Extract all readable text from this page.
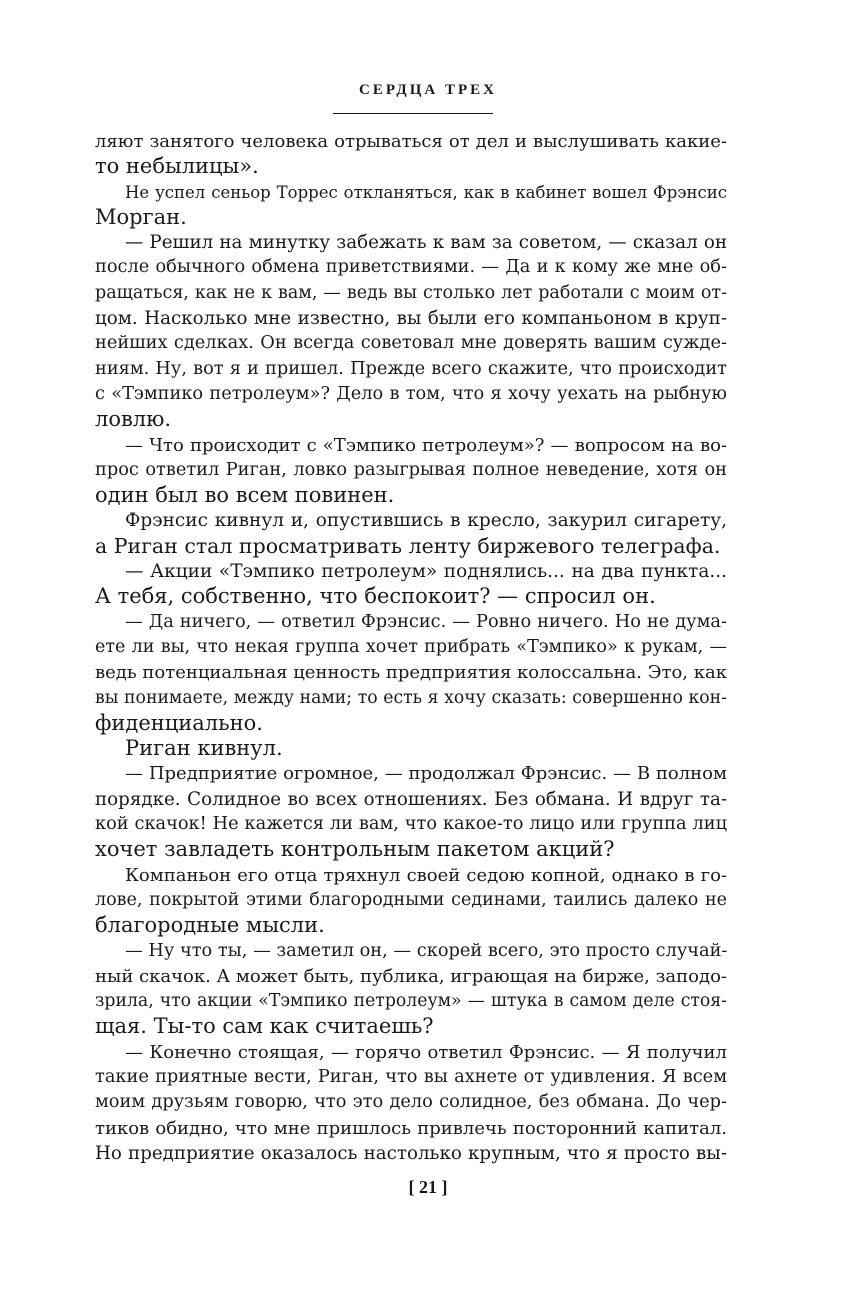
СЕРДЦА ТРЕХ
ляют занятого человека отрываться от дел и выслушивать какие-
то небылицы».
Не успел сеньор Торрес откланяться, как в кабинет вошел Фрэнсис
Морган.
— Решил на минутку забежать к вам за советом, — сказал он
после обычного обмена приветствиями. — Да и к кому же мне об-
ращаться, как не к вам, — ведь вы столько лет работали с моим от-
цом. Насколько мне известно, вы были его компаньоном в круп-
нейших сделках. Он всегда советовал мне доверять вашим сужде-
ниям. Ну, вот я и пришел. Прежде всего скажите, что происходит
с «Тэмпико петролеум»? Дело в том, что я хочу уехать на рыбную
ловлю.
— Что происходит с «Тэмпико петролеум»? — вопросом на во-
прос ответил Риган, ловко разыгрывая полное неведение, хотя он
один был во всем повинен.
Фрэнсис кивнул и, опустившись в кресло, закурил сигарету,
а Риган стал просматривать ленту биржевого телеграфа.
— Акции «Тэмпико петролеум» поднялись... на два пункта...
А тебя, собственно, что беспокоит? — спросил он.
— Да ничего, — ответил Фрэнсис. — Ровно ничего. Но не дума-
ете ли вы, что некая группа хочет прибрать «Тэмпико» к рукам, —
ведь потенциальная ценность предприятия колоссальна. Это, как
вы понимаете, между нами; то есть я хочу сказать: совершенно кон-
фиденциально.
Риган кивнул.
— Предприятие огромное, — продолжал Фрэнсис. — В полном
порядке. Солидное во всех отношениях. Без обмана. И вдруг та-
кой скачок! Не кажется ли вам, что какое-то лицо или группа лиц
хочет завладеть контрольным пакетом акций?
Компаньон его отца тряхнул своей седою копной, однако в го-
лове, покрытой этими благородными сединами, таились далеко не
благородные мысли.
— Ну что ты, — заметил он, — скорей всего, это просто случай-
ный скачок. А может быть, публика, играющая на бирже, заподо-
зрила, что акции «Тэмпико петролеум» — штука в самом деле стоя-
щая. Ты-то сам как считаешь?
— Конечно стоящая, — горячо ответил Фрэнсис. — Я получил
такие приятные вести, Риган, что вы ахнете от удивления. Я всем
моим друзьям говорю, что это дело солидное, без обмана. До чер-
тиков обидно, что мне пришлось привлечь посторонний капитал.
Но предприятие оказалось настолько крупным, что я просто вы-
[ 21 ]
